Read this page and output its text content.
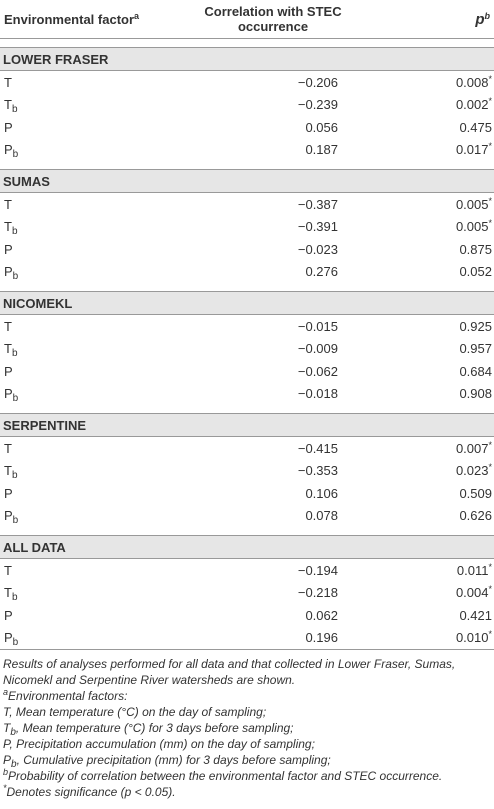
Environmental factor$^a$	Correlation with STEC occurrence	$p^b$

LOWER FRASER		
T	−0.206	0.008*
$T_b$	−0.239	0.002*
P	0.056	0.475
$P_b$	0.187	0.017*

SUMAS		
T	−0.387	0.005*
$T_b$	−0.391	0.005*
P	−0.023	0.875
$P_b$	0.276	0.052

NICOMEKL		
T	−0.015	0.925
$T_b$	−0.009	0.957
P	−0.062	0.684
$P_b$	−0.018	0.908

SERPENTINE		
T	−0.415	0.007*
$T_b$	−0.353	0.023*
P	0.106	0.509
$P_b$	0.078	0.626

ALL DATA		
T	−0.194	0.011*
$T_b$	−0.218	0.004*
P	0.062	0.421
$P_b$	0.196	0.010*
Results of analyses performed for all data and that collected in Lower Fraser, Sumas,
Nicomekl and Serpentine River watersheds are shown.
$^a$Environmental factors:
T, Mean temperature (°C) on the day of sampling;
$T_b$, Mean temperature (°C) for 3 days before sampling;
P, Precipitation accumulation (mm) on the day of sampling;
$P_b$, Cumulative precipitation (mm) for 3 days before sampling;
$^b$Probability of correlation between the environmental factor and STEC occurrence.
*Denotes significance (p < 0.05).
